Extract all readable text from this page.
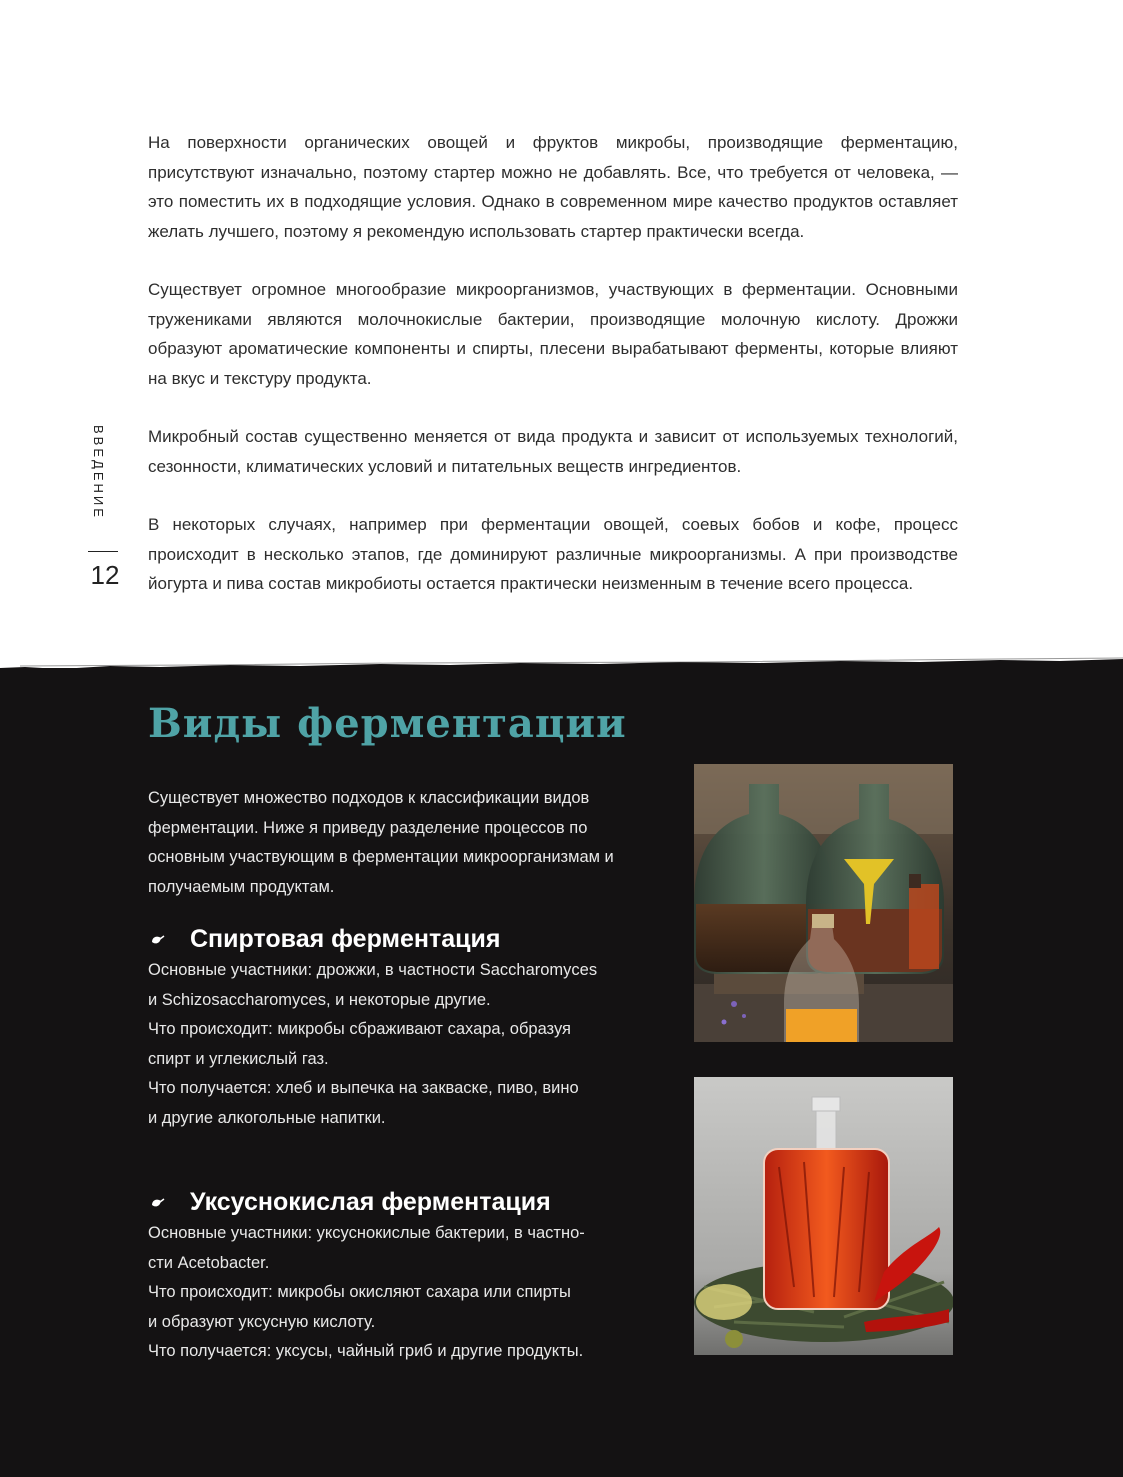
На поверхности органических овощей и фруктов микробы, производящие ферментацию, присутствуют изначально, поэтому стартер можно не добавлять. Все, что требуется от человека, — это поместить их в подходящие условия. Однако в современном мире качество продуктов оставляет желать лучшего, поэтому я рекомендую использовать стартер практически всегда.

Существует огромное многообразие микроорганизмов, участвующих в ферментации. Основными тружениками являются молочнокислые бактерии, производящие молочную кислоту. Дрожжи образуют ароматические компоненты и спирты, плесени вырабатывают ферменты, которые влияют на вкус и текстуру продукта.

Микробный состав существенно меняется от вида продукта и зависит от используемых технологий, сезонности, климатических условий и питательных веществ ингредиентов.

В некоторых случаях, например при ферментации овощей, соевых бобов и кофе, процесс происходит в несколько этапов, где доминируют различные микроорганизмы. А при производстве йогурта и пива состав микробиоты остается практически неизменным в течение всего процесса.

ВВЕДЕНИЕ
12
Виды ферментации
Существует множество подходов к классификации видов ферментации. Ниже я приведу разделение процессов по основным участвующим в ферментации микроорганизмам и получаемым продуктам.
Спиртовая ферментация
Основные участники: дрожжи, в частности Saccharomyces
и Schizosaccharomyces, и некоторые другие.
Что происходит: микробы сбраживают сахара, образуя
спирт и углекислый газ.
Что получается: хлеб и выпечка на закваске, пиво, вино
и другие алкогольные напитки.
Уксуснокислая ферментация
Основные участники: уксуснокислые бактерии, в частно-
сти Acetobacter.
Что происходит: микробы окисляют сахара или спирты
и образуют уксусную кислоту.
Что получается: уксусы, чайный гриб и другие продукты.
